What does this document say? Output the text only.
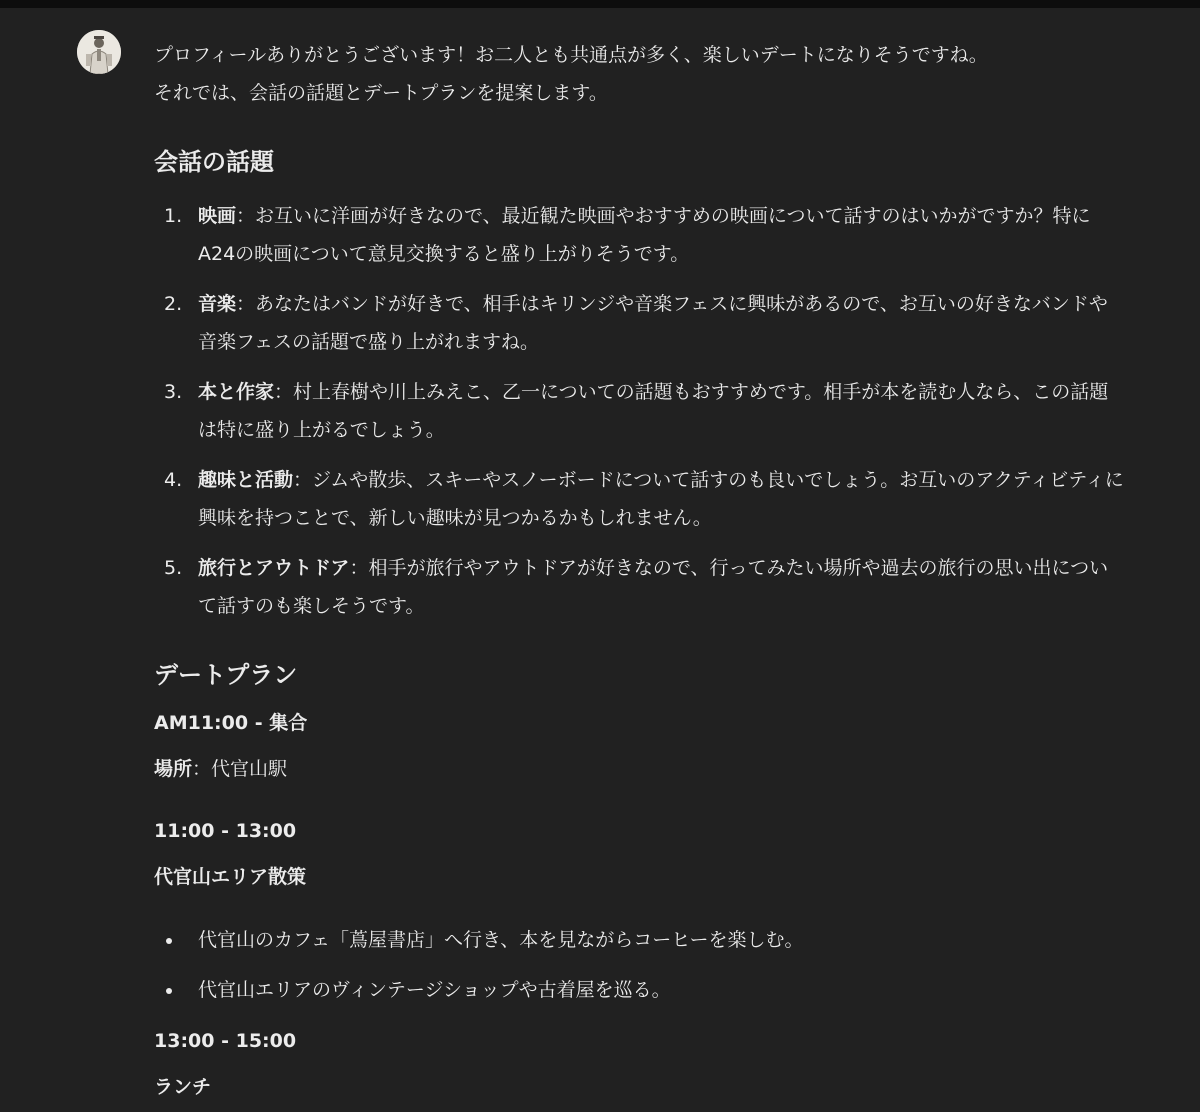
プロフィールありがとうございます！お二人とも共通点が多く、楽しいデートになりそうですね。
それでは、会話の話題とデートプランを提案します。

会話の話題
1. 映画：お互いに洋画が好きなので、最近観た映画やおすすめの映画について話すのはいかがですか？特にA24の映画について意見交換すると盛り上がりそうです。
2. 音楽：あなたはバンドが好きで、相手はキリンジや音楽フェスに興味があるので、お互いの好きなバンドや音楽フェスの話題で盛り上がれますね。
3. 本と作家：村上春樹や川上みえこ、乙一についての話題もおすすめです。相手が本を読む人なら、この話題は特に盛り上がるでしょう。
4. 趣味と活動：ジムや散歩、スキーやスノーボードについて話すのも良いでしょう。お互いのアクティビティに興味を持つことで、新しい趣味が見つかるかもしれません。
5. 旅行とアウトドア：相手が旅行やアウトドアが好きなので、行ってみたい場所や過去の旅行の思い出について話すのも楽しそうです。
デートプラン

AM11:00 - 集合

場所：代官山駅

11:00 - 13:00

代官山エリア散策

代官山のカフェ「蔦屋書店」へ行き、本を見ながらコーヒーを楽しむ。
代官山エリアのヴィンテージショップや古着屋を巡る。

13:00 - 15:00

ランチ
